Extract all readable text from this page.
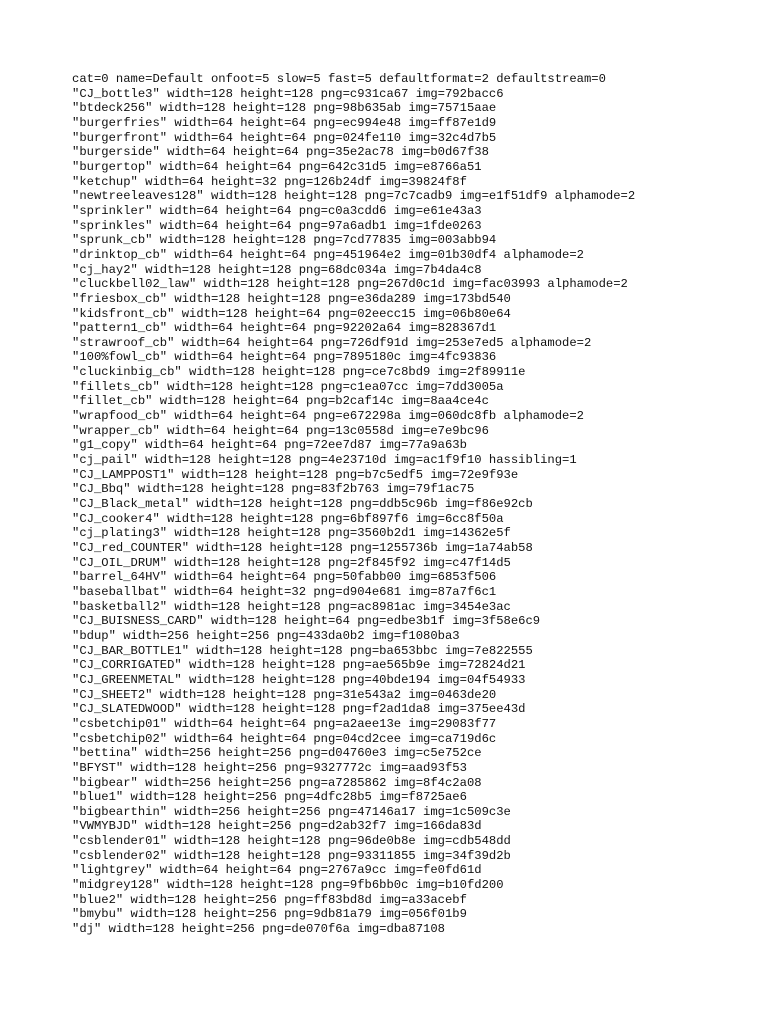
cat=0 name=Default onfoot=5 slow=5 fast=5 defaultformat=2 defaultstream=0
"CJ_bottle3" width=128 height=128 png=c931ca67 img=792bacc6
"btdeck256" width=128 height=128 png=98b635ab img=75715aae
"burgerfries" width=64 height=64 png=ec994e48 img=ff87e1d9
"burgerfront" width=64 height=64 png=024fe110 img=32c4d7b5
"burgerside" width=64 height=64 png=35e2ac78 img=b0d67f38
"burgertop" width=64 height=64 png=642c31d5 img=e8766a51
"ketchup" width=64 height=32 png=126b24df img=39824f8f
"newtreeleaves128" width=128 height=128 png=7c7cadb9 img=e1f51df9 alphamode=2
"sprinkler" width=64 height=64 png=c0a3cdd6 img=e61e43a3
"sprinkles" width=64 height=64 png=97a6adb1 img=1fde0263
"sprunk_cb" width=128 height=128 png=7cd77835 img=003abb94
"drinktop_cb" width=64 height=64 png=451964e2 img=01b30df4 alphamode=2
"cj_hay2" width=128 height=128 png=68dc034a img=7b4da4c8
"cluckbell02_law" width=128 height=128 png=267d0c1d img=fac03993 alphamode=2
"friesbox_cb" width=128 height=128 png=e36da289 img=173bd540
"kidsfront_cb" width=128 height=64 png=02eecc15 img=06b80e64
"pattern1_cb" width=64 height=64 png=92202a64 img=828367d1
"strawroof_cb" width=64 height=64 png=726df91d img=253e7ed5 alphamode=2
"100%fowl_cb" width=64 height=64 png=7895180c img=4fc93836
"cluckinbig_cb" width=128 height=128 png=ce7c8bd9 img=2f89911e
"fillets_cb" width=128 height=128 png=c1ea07cc img=7dd3005a
"fillet_cb" width=128 height=64 png=b2caf14c img=8aa4ce4c
"wrapfood_cb" width=64 height=64 png=e672298a img=060dc8fb alphamode=2
"wrapper_cb" width=64 height=64 png=13c0558d img=e7e9bc96
"g1_copy" width=64 height=64 png=72ee7d87 img=77a9a63b
"cj_pail" width=128 height=128 png=4e23710d img=ac1f9f10 hassibling=1
"CJ_LAMPPOST1" width=128 height=128 png=b7c5edf5 img=72e9f93e
"CJ_Bbq" width=128 height=128 png=83f2b763 img=79f1ac75
"CJ_Black_metal" width=128 height=128 png=ddb5c96b img=f86e92cb
"CJ_cooker4" width=128 height=128 png=6bf897f6 img=6cc8f50a
"cj_plating3" width=128 height=128 png=3560b2d1 img=14362e5f
"CJ_red_COUNTER" width=128 height=128 png=1255736b img=1a74ab58
"CJ_OIL_DRUM" width=128 height=128 png=2f845f92 img=c47f14d5
"barrel_64HV" width=64 height=64 png=50fabb00 img=6853f506
"baseballbat" width=64 height=32 png=d904e681 img=87a7f6c1
"basketball2" width=128 height=128 png=ac8981ac img=3454e3ac
"CJ_BUISNESS_CARD" width=128 height=64 png=edbe3b1f img=3f58e6c9
"bdup" width=256 height=256 png=433da0b2 img=f1080ba3
"CJ_BAR_BOTTLE1" width=128 height=128 png=ba653bbc img=7e822555
"CJ_CORRIGATED" width=128 height=128 png=ae565b9e img=72824d21
"CJ_GREENMETAL" width=128 height=128 png=40bde194 img=04f54933
"CJ_SHEET2" width=128 height=128 png=31e543a2 img=0463de20
"CJ_SLATEDWOOD" width=128 height=128 png=f2ad1da8 img=375ee43d
"csbetchip01" width=64 height=64 png=a2aee13e img=29083f77
"csbetchip02" width=64 height=64 png=04cd2cee img=ca719d6c
"bettina" width=256 height=256 png=d04760e3 img=c5e752ce
"BFYST" width=128 height=256 png=9327772c img=aad93f53
"bigbear" width=256 height=256 png=a7285862 img=8f4c2a08
"blue1" width=128 height=256 png=4dfc28b5 img=f8725ae6
"bigbearthin" width=256 height=256 png=47146a17 img=1c509c3e
"VWMYBJD" width=128 height=256 png=d2ab32f7 img=166da83d
"csblender01" width=128 height=128 png=96de0b8e img=cdb548dd
"csblender02" width=128 height=128 png=93311855 img=34f39d2b
"lightgrey" width=64 height=64 png=2767a9cc img=fe0fd61d
"midgrey128" width=128 height=128 png=9fb6bb0c img=b10fd200
"blue2" width=128 height=256 png=ff83bd8d img=a33acebf
"bmybu" width=128 height=256 png=9db81a79 img=056f01b9
"dj" width=128 height=256 png=de070f6a img=dba87108
